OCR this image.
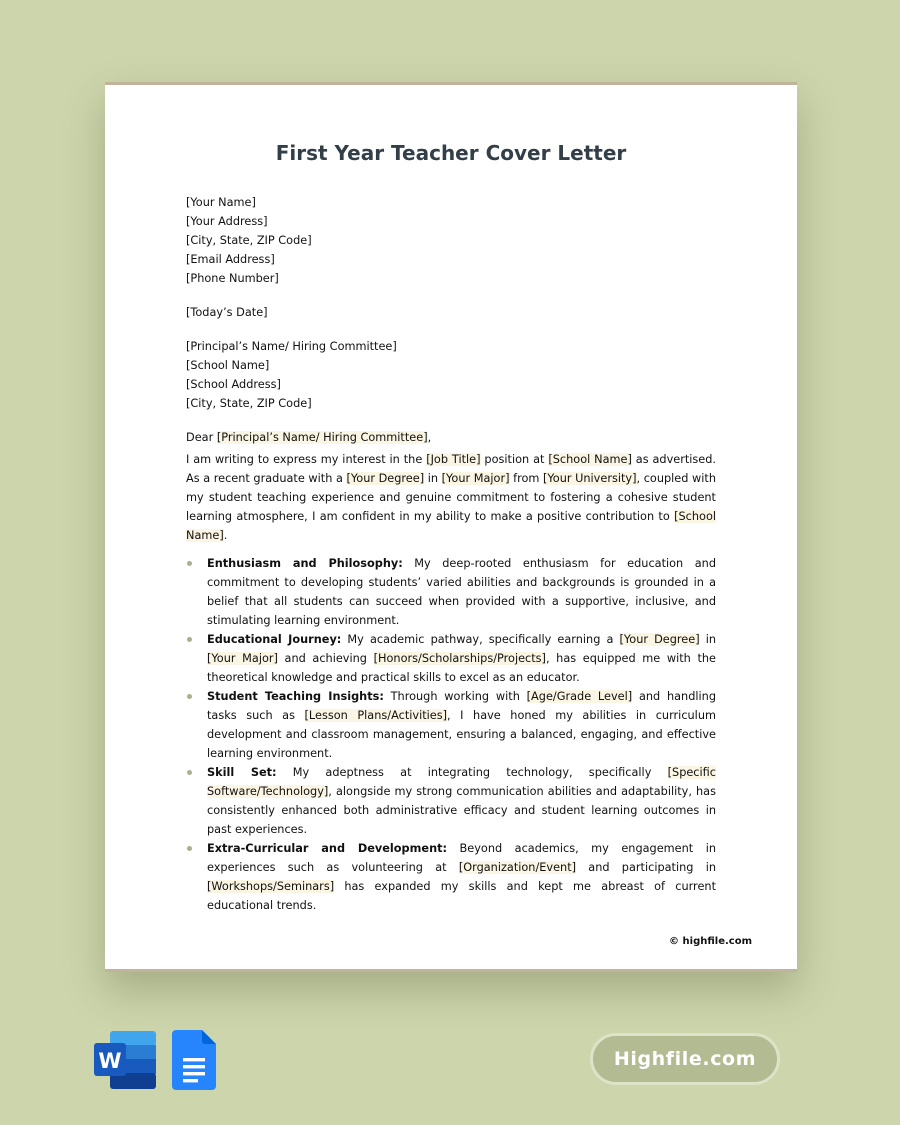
First Year Teacher Cover Letter
[Your Name]
[Your Address]
[City, State, ZIP Code]
[Email Address]
[Phone Number]
[Today’s Date]
[Principal’s Name/ Hiring Committee]
[School Name]
[School Address]
[City, State, ZIP Code]
Dear [Principal’s Name/ Hiring Committee],
I am writing to express my interest in the [Job Title] position at [School Name] as advertised. As a recent graduate with a [Your Degree] in [Your Major] from [Your University], coupled with my student teaching experience and genuine commitment to fostering a cohesive student learning atmosphere, I am confident in my ability to make a positive contribution to [School Name].
Enthusiasm and Philosophy: My deep-rooted enthusiasm for education and commitment to developing students’ varied abilities and backgrounds is grounded in a belief that all students can succeed when provided with a supportive, inclusive, and stimulating learning environment.
Educational Journey: My academic pathway, specifically earning a [Your Degree] in [Your Major] and achieving [Honors/Scholarships/Projects], has equipped me with the theoretical knowledge and practical skills to excel as an educator.
Student Teaching Insights: Through working with [Age/Grade Level] and handling tasks such as [Lesson Plans/Activities], I have honed my abilities in curriculum development and classroom management, ensuring a balanced, engaging, and effective learning environment.
Skill Set: My adeptness at integrating technology, specifically [Specific Software/Technology], alongside my strong communication abilities and adaptability, has consistently enhanced both administrative efficacy and student learning outcomes in past experiences.
Extra-Curricular and Development: Beyond academics, my engagement in experiences such as volunteering at [Organization/Event] and participating in [Workshops/Seminars] has expanded my skills and kept me abreast of current educational trends.
© highfile.com
W	Highfile.com
